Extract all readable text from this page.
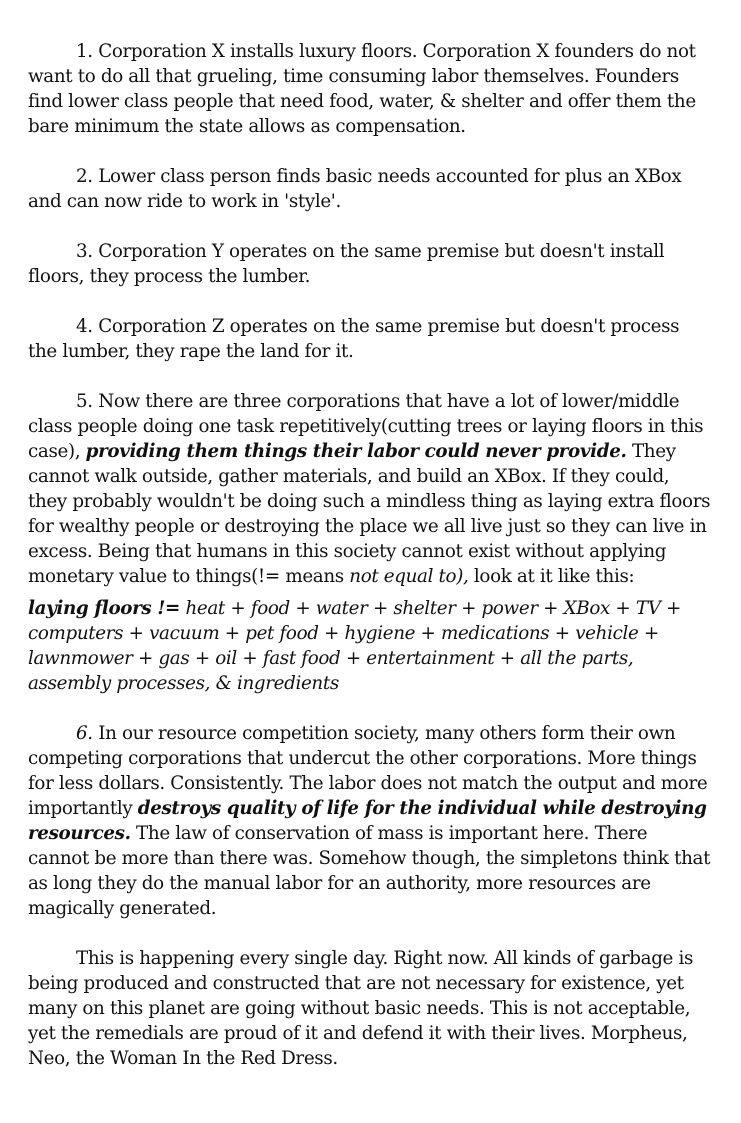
1. Corporation X installs luxury floors. Corporation X founders do not want to do all that grueling, time consuming labor themselves. Founders find lower class people that need food, water, & shelter and offer them the bare minimum the state allows as compensation.

2. Lower class person finds basic needs accounted for plus an XBox and can now ride to work in 'style'.

3. Corporation Y operates on the same premise but doesn't install floors, they process the lumber.

4. Corporation Z operates on the same premise but doesn't process the lumber, they rape the land for it.

5. Now there are three corporations that have a lot of lower/middle class people doing one task repetitively(cutting trees or laying floors in this case), providing them things their labor could never provide. They cannot walk outside, gather materials, and build an XBox. If they could, they probably wouldn't be doing such a mindless thing as laying extra floors for wealthy people or destroying the place we all live just so they can live in excess. Being that humans in this society cannot exist without applying monetary value to things(!= means not equal to), look at it like this:

laying floors != heat + food + water + shelter + power + XBox + TV + computers + vacuum + pet food + hygiene + medications + vehicle + lawnmower + gas + oil + fast food + entertainment + all the parts, assembly processes, & ingredients

6. In our resource competition society, many others form their own competing corporations that undercut the other corporations. More things for less dollars. Consistently. The labor does not match the output and more importantly destroys quality of life for the individual while destroying resources. The law of conservation of mass is important here. There cannot be more than there was. Somehow though, the simpletons think that as long they do the manual labor for an authority, more resources are magically generated.

This is happening every single day. Right now. All kinds of garbage is being produced and constructed that are not necessary for existence, yet many on this planet are going without basic needs. This is not acceptable, yet the remedials are proud of it and defend it with their lives. Morpheus, Neo, the Woman In the Red Dress.
